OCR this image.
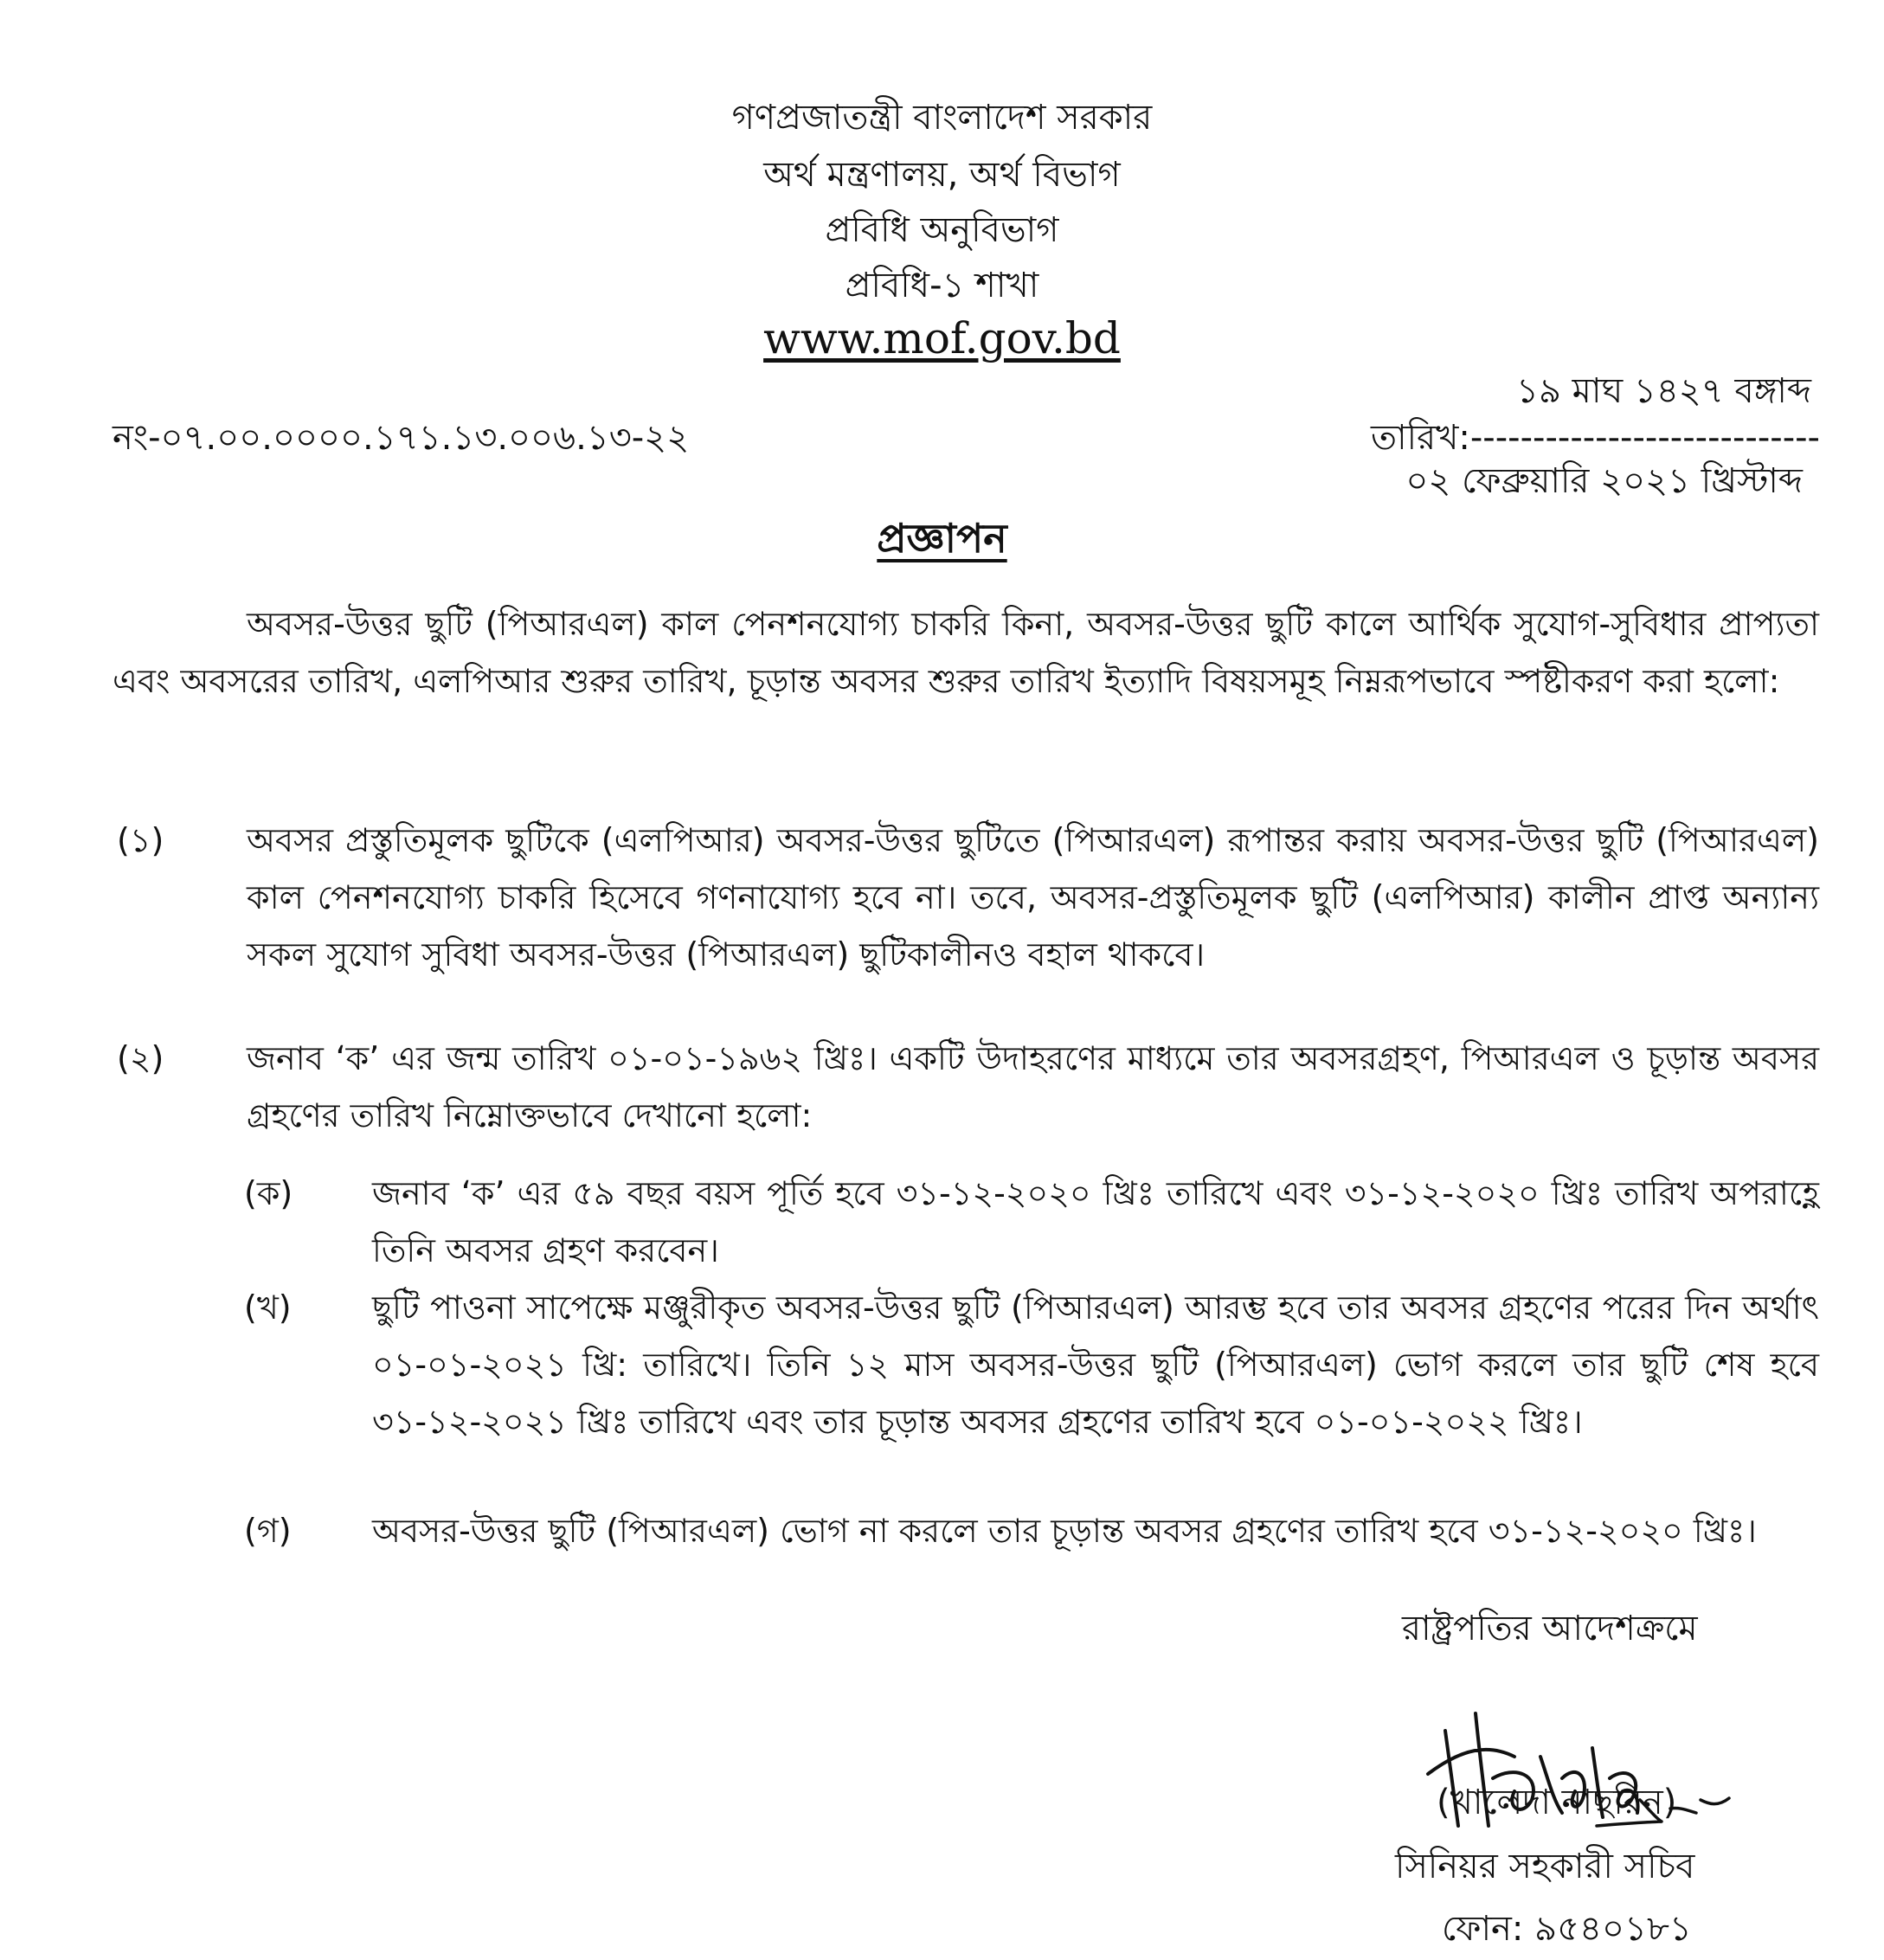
গণপ্রজাতন্ত্রী বাংলাদেশ সরকার
অর্থ মন্ত্রণালয়, অর্থ বিভাগ
প্রবিধি অনুবিভাগ
প্রবিধি-১ শাখা
www.mof.gov.bd
১৯ মাঘ ১৪২৭ বঙ্গাব্দ
নং-০৭.০০.০০০০.১৭১.১৩.০০৬.১৩-২২	তারিখ:----------------------------
০২ ফেব্রুয়ারি ২০২১ খ্রিস্টাব্দ
প্রজ্ঞাপন
অবসর-উত্তর ছুটি (পিআরএল) কাল পেনশনযোগ্য চাকরি কিনা, অবসর-উত্তর ছুটি কালে আর্থিক সুযোগ-সুবিধার প্রাপ্যতা এবং অবসরের তারিখ, এলপিআর শুরুর তারিখ, চূড়ান্ত অবসর শুরুর তারিখ ইত্যাদি বিষয়সমূহ নিম্নরূপভাবে স্পষ্টীকরণ করা হলো:
(১)	অবসর প্রস্তুতিমূলক ছুটিকে (এলপিআর) অবসর-উত্তর ছুটিতে (পিআরএল) রূপান্তর করায় অবসর-উত্তর ছুটি (পিআরএল) কাল পেনশনযোগ্য চাকরি হিসেবে গণনাযোগ্য হবে না। তবে, অবসর-প্রস্তুতিমূলক ছুটি (এলপিআর) কালীন প্রাপ্ত অন্যান্য সকল সুযোগ সুবিধা অবসর-উত্তর (পিআরএল) ছুটিকালীনও বহাল থাকবে।
(২)	জনাব ‘ক’ এর জন্ম তারিখ ০১-০১-১৯৬২ খ্রিঃ। একটি উদাহরণের মাধ্যমে তার অবসরগ্রহণ, পিআরএল ও চূড়ান্ত অবসর গ্রহণের তারিখ নিম্নোক্তভাবে দেখানো হলো:
(ক) জনাব ‘ক’ এর ৫৯ বছর বয়স পূর্তি হবে ৩১-১২-২০২০ খ্রিঃ তারিখে এবং ৩১-১২-২০২০ খ্রিঃ তারিখ অপরাহ্ণে তিনি অবসর গ্রহণ করবেন।
(খ) ছুটি পাওনা সাপেক্ষে মঞ্জুরীকৃত অবসর-উত্তর ছুটি (পিআরএল) আরম্ভ হবে তার অবসর গ্রহণের পরের দিন অর্থাৎ ০১-০১-২০২১ খ্রি: তারিখে। তিনি ১২ মাস অবসর-উত্তর ছুটি (পিআরএল) ভোগ করলে তার ছুটি শেষ হবে ৩১-১২-২০২১ খ্রিঃ তারিখে এবং তার চূড়ান্ত অবসর গ্রহণের তারিখ হবে ০১-০১-২০২২ খ্রিঃ।
(গ) অবসর-উত্তর ছুটি (পিআরএল) ভোগ না করলে তার চূড়ান্ত অবসর গ্রহণের তারিখ হবে ৩১-১২-২০২০ খ্রিঃ।
রাষ্ট্রপতির আদেশক্রমে
(খালেদা নাছরিন)
সিনিয়র সহকারী সচিব
ফোন: ৯৫৪০১৮১
